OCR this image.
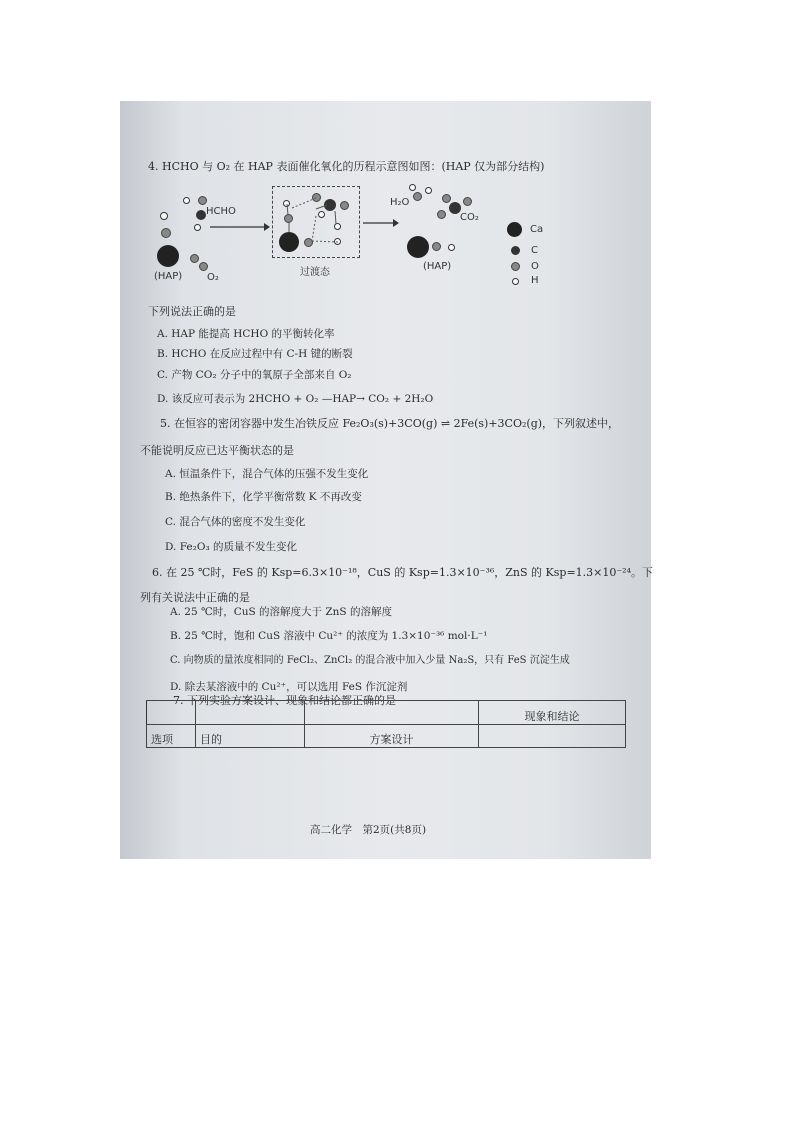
4. HCHO 与 O₂ 在 HAP 表面催化氧化的历程示意图如图：(HAP 仅为部分结构)
(HAP)
HCHO
O₂	过渡态
H₂O
CO₂
(HAP)
Ca
C
O
H
下列说法正确的是
A. HAP 能提高 HCHO 的平衡转化率
B. HCHO 在反应过程中有 C-H 键的断裂
C. 产物 CO₂ 分子中的氧原子全部来自 O₂
D. 该反应可表示为 2HCHO + O₂ —HAP→ CO₂ + 2H₂O
5. 在恒容的密闭容器中发生冶铁反应 Fe₂O₃(s)+3CO(g) ⇌ 2Fe(s)+3CO₂(g)，下列叙述中，
不能说明反应已达平衡状态的是
A. 恒温条件下，混合气体的压强不发生变化
B. 绝热条件下，化学平衡常数 K 不再改变
C. 混合气体的密度不发生变化
D. Fe₂O₃ 的质量不发生变化
6. 在 25 ℃时，FeS 的 Ksp=6.3×10⁻¹⁸，CuS 的 Ksp=1.3×10⁻³⁶，ZnS 的 Ksp=1.3×10⁻²⁴。下
列有关说法中正确的是
A. 25 ℃时，CuS 的溶解度大于 ZnS 的溶解度
B. 25 ℃时，饱和 CuS 溶液中 Cu²⁺ 的浓度为 1.3×10⁻³⁶ mol·L⁻¹
C. 向物质的量浓度相同的 FeCl₂、ZnCl₂ 的混合液中加入少量 Na₂S，只有 FeS 沉淀生成
D. 除去某溶液中的 Cu²⁺，可以选用 FeS 作沉淀剂
7. 下列实验方案设计、现象和结论都正确的是
			现象和结论
选项	目的	方案设计	
高二化学　第2页(共8页)
